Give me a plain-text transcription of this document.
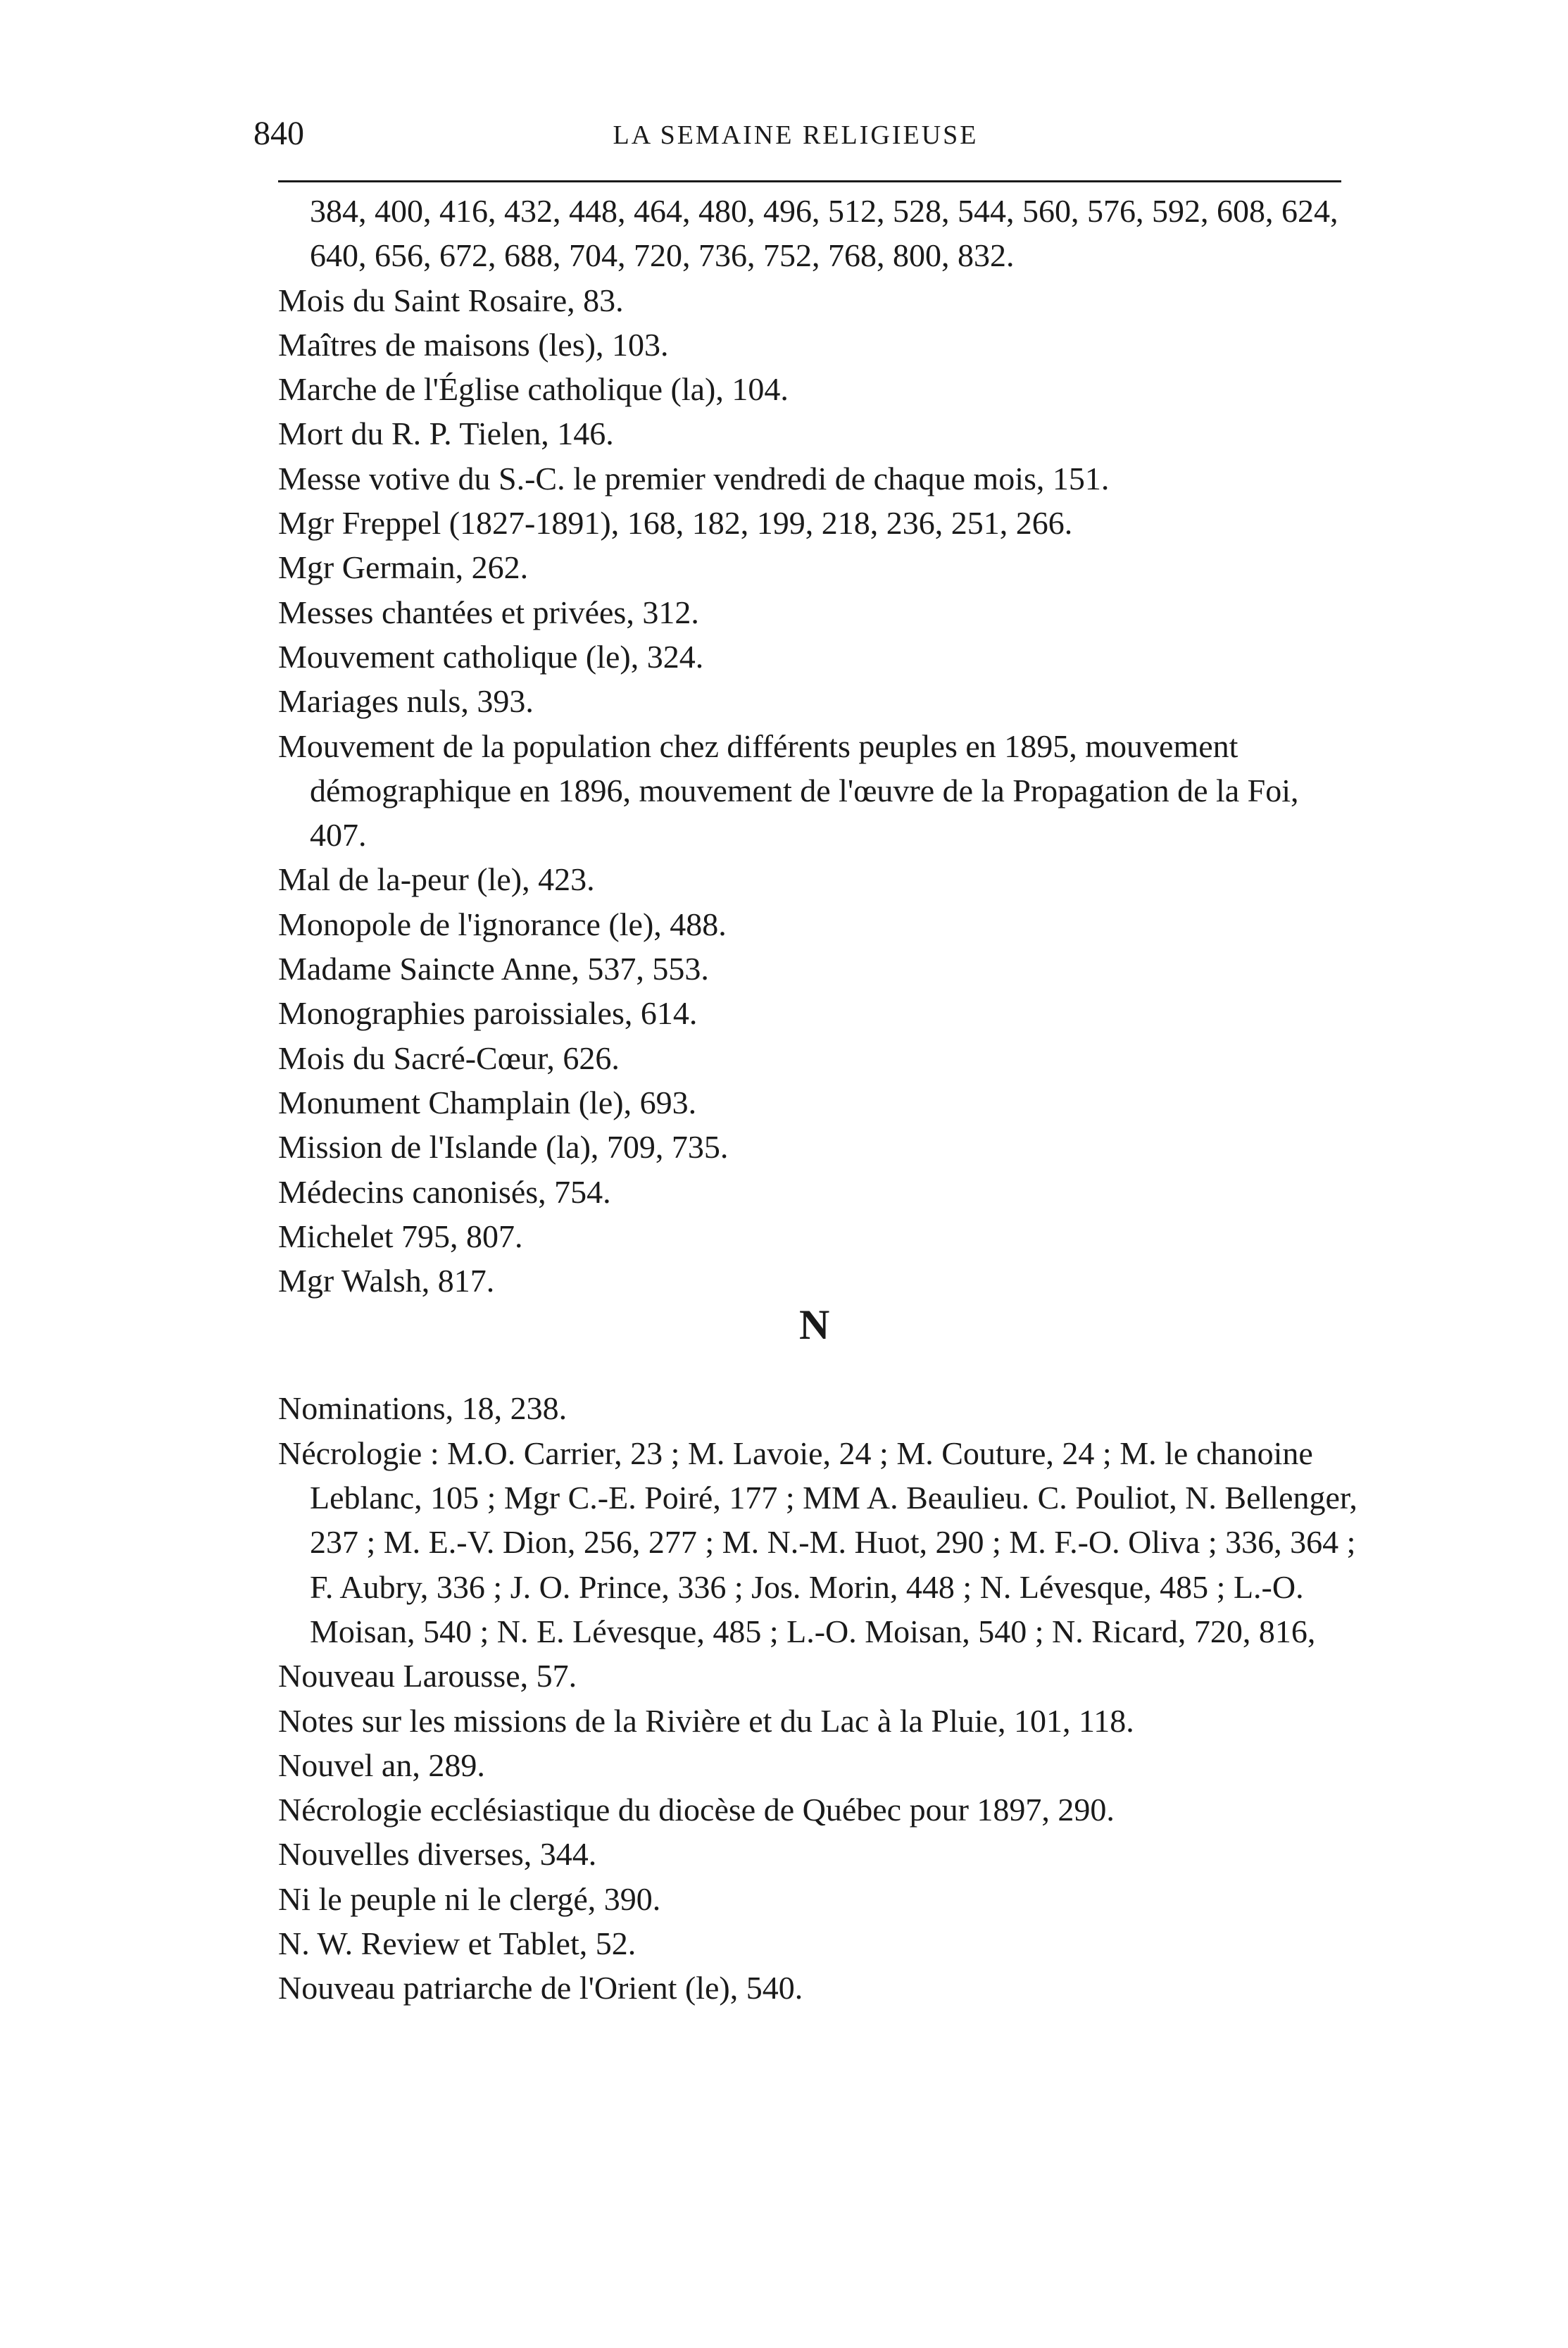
840	LA SEMAINE RELIGIEUSE

384, 400, 416, 432, 448, 464, 480, 496, 512, 528, 544, 560, 576, 592, 608, 624, 640, 656, 672, 688, 704, 720, 736, 752, 768, 800, 832.

Mois du Saint Rosaire, 83.

Maîtres de maisons (les), 103.

Marche de l'Église catholique (la), 104.

Mort du R. P. Tielen, 146.

Messe votive du S.-C. le premier vendredi de chaque mois, 151.

Mgr Freppel (1827-1891), 168, 182, 199, 218, 236, 251, 266.

Mgr Germain, 262.

Messes chantées et privées, 312.

Mouvement catholique (le), 324.

Mariages nuls, 393.

Mouvement de la population chez différents peuples en 1895, mouvement démographique en 1896, mouvement de l'œuvre de la Propagation de la Foi, 407.

Mal de la-peur (le), 423.

Monopole de l'ignorance (le), 488.

Madame Saincte Anne, 537, 553.

Monographies paroissiales, 614.

Mois du Sacré-Cœur, 626.

Monument Champlain (le), 693.

Mission de l'Islande (la), 709, 735.

Médecins canonisés, 754.

Michelet 795, 807.

Mgr Walsh, 817.

N

Nominations, 18, 238.

Nécrologie : M.O. Carrier, 23 ; M. Lavoie, 24 ; M. Couture, 24 ; M. le chanoine Leblanc, 105 ; Mgr C.-E. Poiré, 177 ; MM A. Beaulieu. C. Pouliot, N. Bellenger, 237 ; M. E.-V. Dion, 256, 277 ; M. N.-M. Huot, 290 ; M. F.-O. Oliva ; 336, 364 ; F. Aubry, 336 ; J. O. Prince, 336 ; Jos. Morin, 448 ; N. Lévesque, 485 ; L.-O. Moisan, 540 ; N. E. Lévesque, 485 ; L.-O. Moisan, 540 ; N. Ricard, 720, 816,

Nouveau Larousse, 57.

Notes sur les missions de la Rivière et du Lac à la Pluie, 101, 118.

Nouvel an, 289.

Nécrologie ecclésiastique du diocèse de Québec pour 1897, 290.

Nouvelles diverses, 344.

Ni le peuple ni le clergé, 390.

N. W. Review et Tablet, 52.

Nouveau patriarche de l'Orient (le), 540.
